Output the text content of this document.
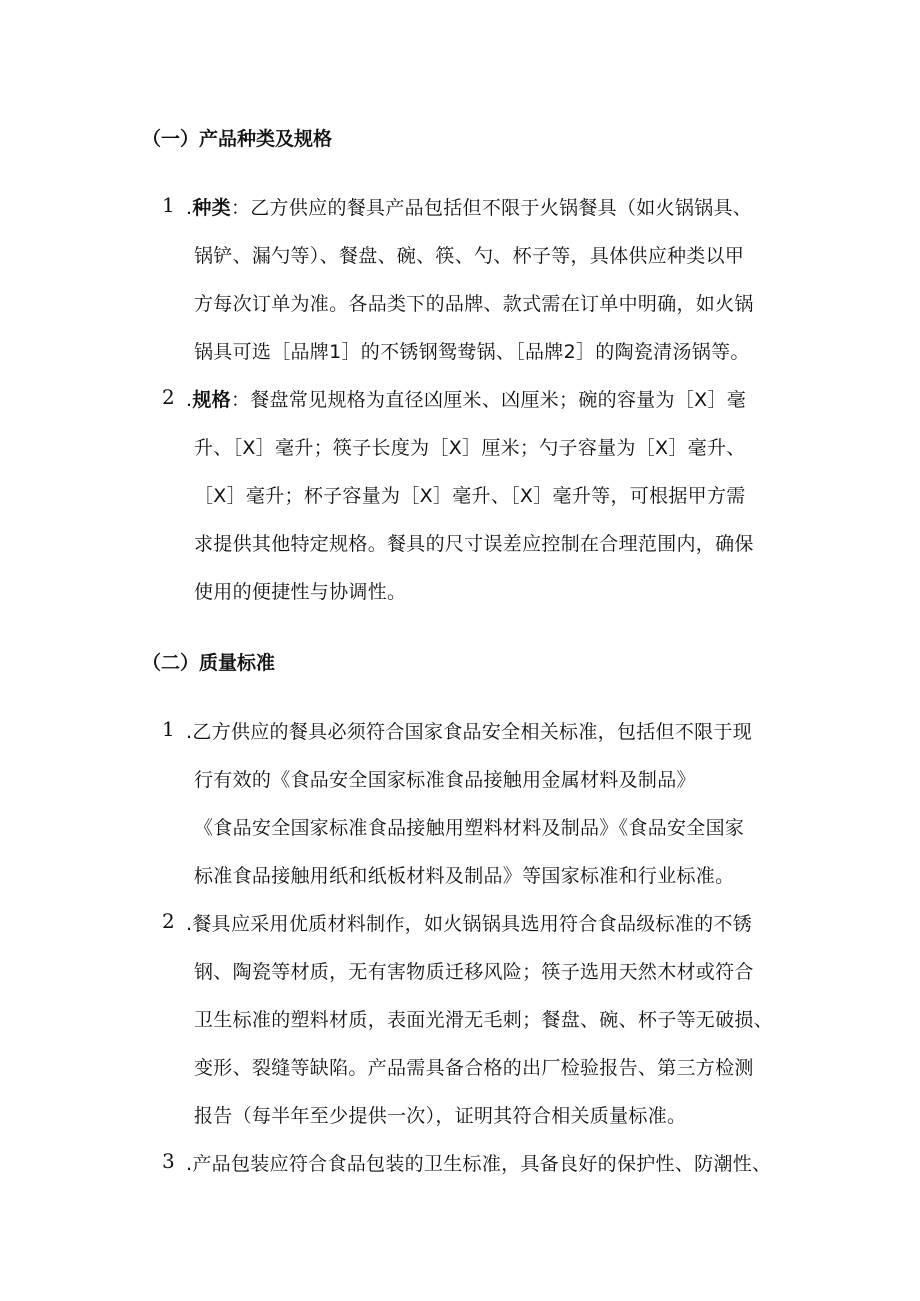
（一）产品种类及规格
1 .种类：乙方供应的餐具产品包括但不限于火锅餐具（如火锅锅具、
锅铲、漏勺等）、餐盘、碗、筷、勺、杯子等，具体供应种类以甲
方每次订单为准。各品类下的品牌、款式需在订单中明确，如火锅
锅具可选［品牌1］的不锈钢鸳鸯锅、［品牌2］的陶瓷清汤锅等。
2 .规格：餐盘常见规格为直径凶厘米、凶厘米；碗的容量为［X］毫
升、［X］毫升；筷子长度为［X］厘米；勺子容量为［X］毫升、
［X］毫升；杯子容量为［X］毫升、［X］毫升等，可根据甲方需
求提供其他特定规格。餐具的尺寸误差应控制在合理范围内，确保
使用的便捷性与协调性。
（二）质量标准
1 .乙方供应的餐具必须符合国家食品安全相关标准，包括但不限于现
行有效的《食品安全国家标准食品接触用金属材料及制品》
《食品安全国家标准食品接触用塑料材料及制品》《食品安全国家
标准食品接触用纸和纸板材料及制品》等国家标准和行业标准。
2 .餐具应采用优质材料制作，如火锅锅具选用符合食品级标准的不锈
钢、陶瓷等材质，无有害物质迁移风险；筷子选用天然木材或符合
卫生标准的塑料材质，表面光滑无毛刺；餐盘、碗、杯子等无破损、
变形、裂缝等缺陷。产品需具备合格的出厂检验报告、第三方检测
报告（每半年至少提供一次），证明其符合相关质量标准。
3 .产品包装应符合食品包装的卫生标准，具备良好的保护性、防潮性、
